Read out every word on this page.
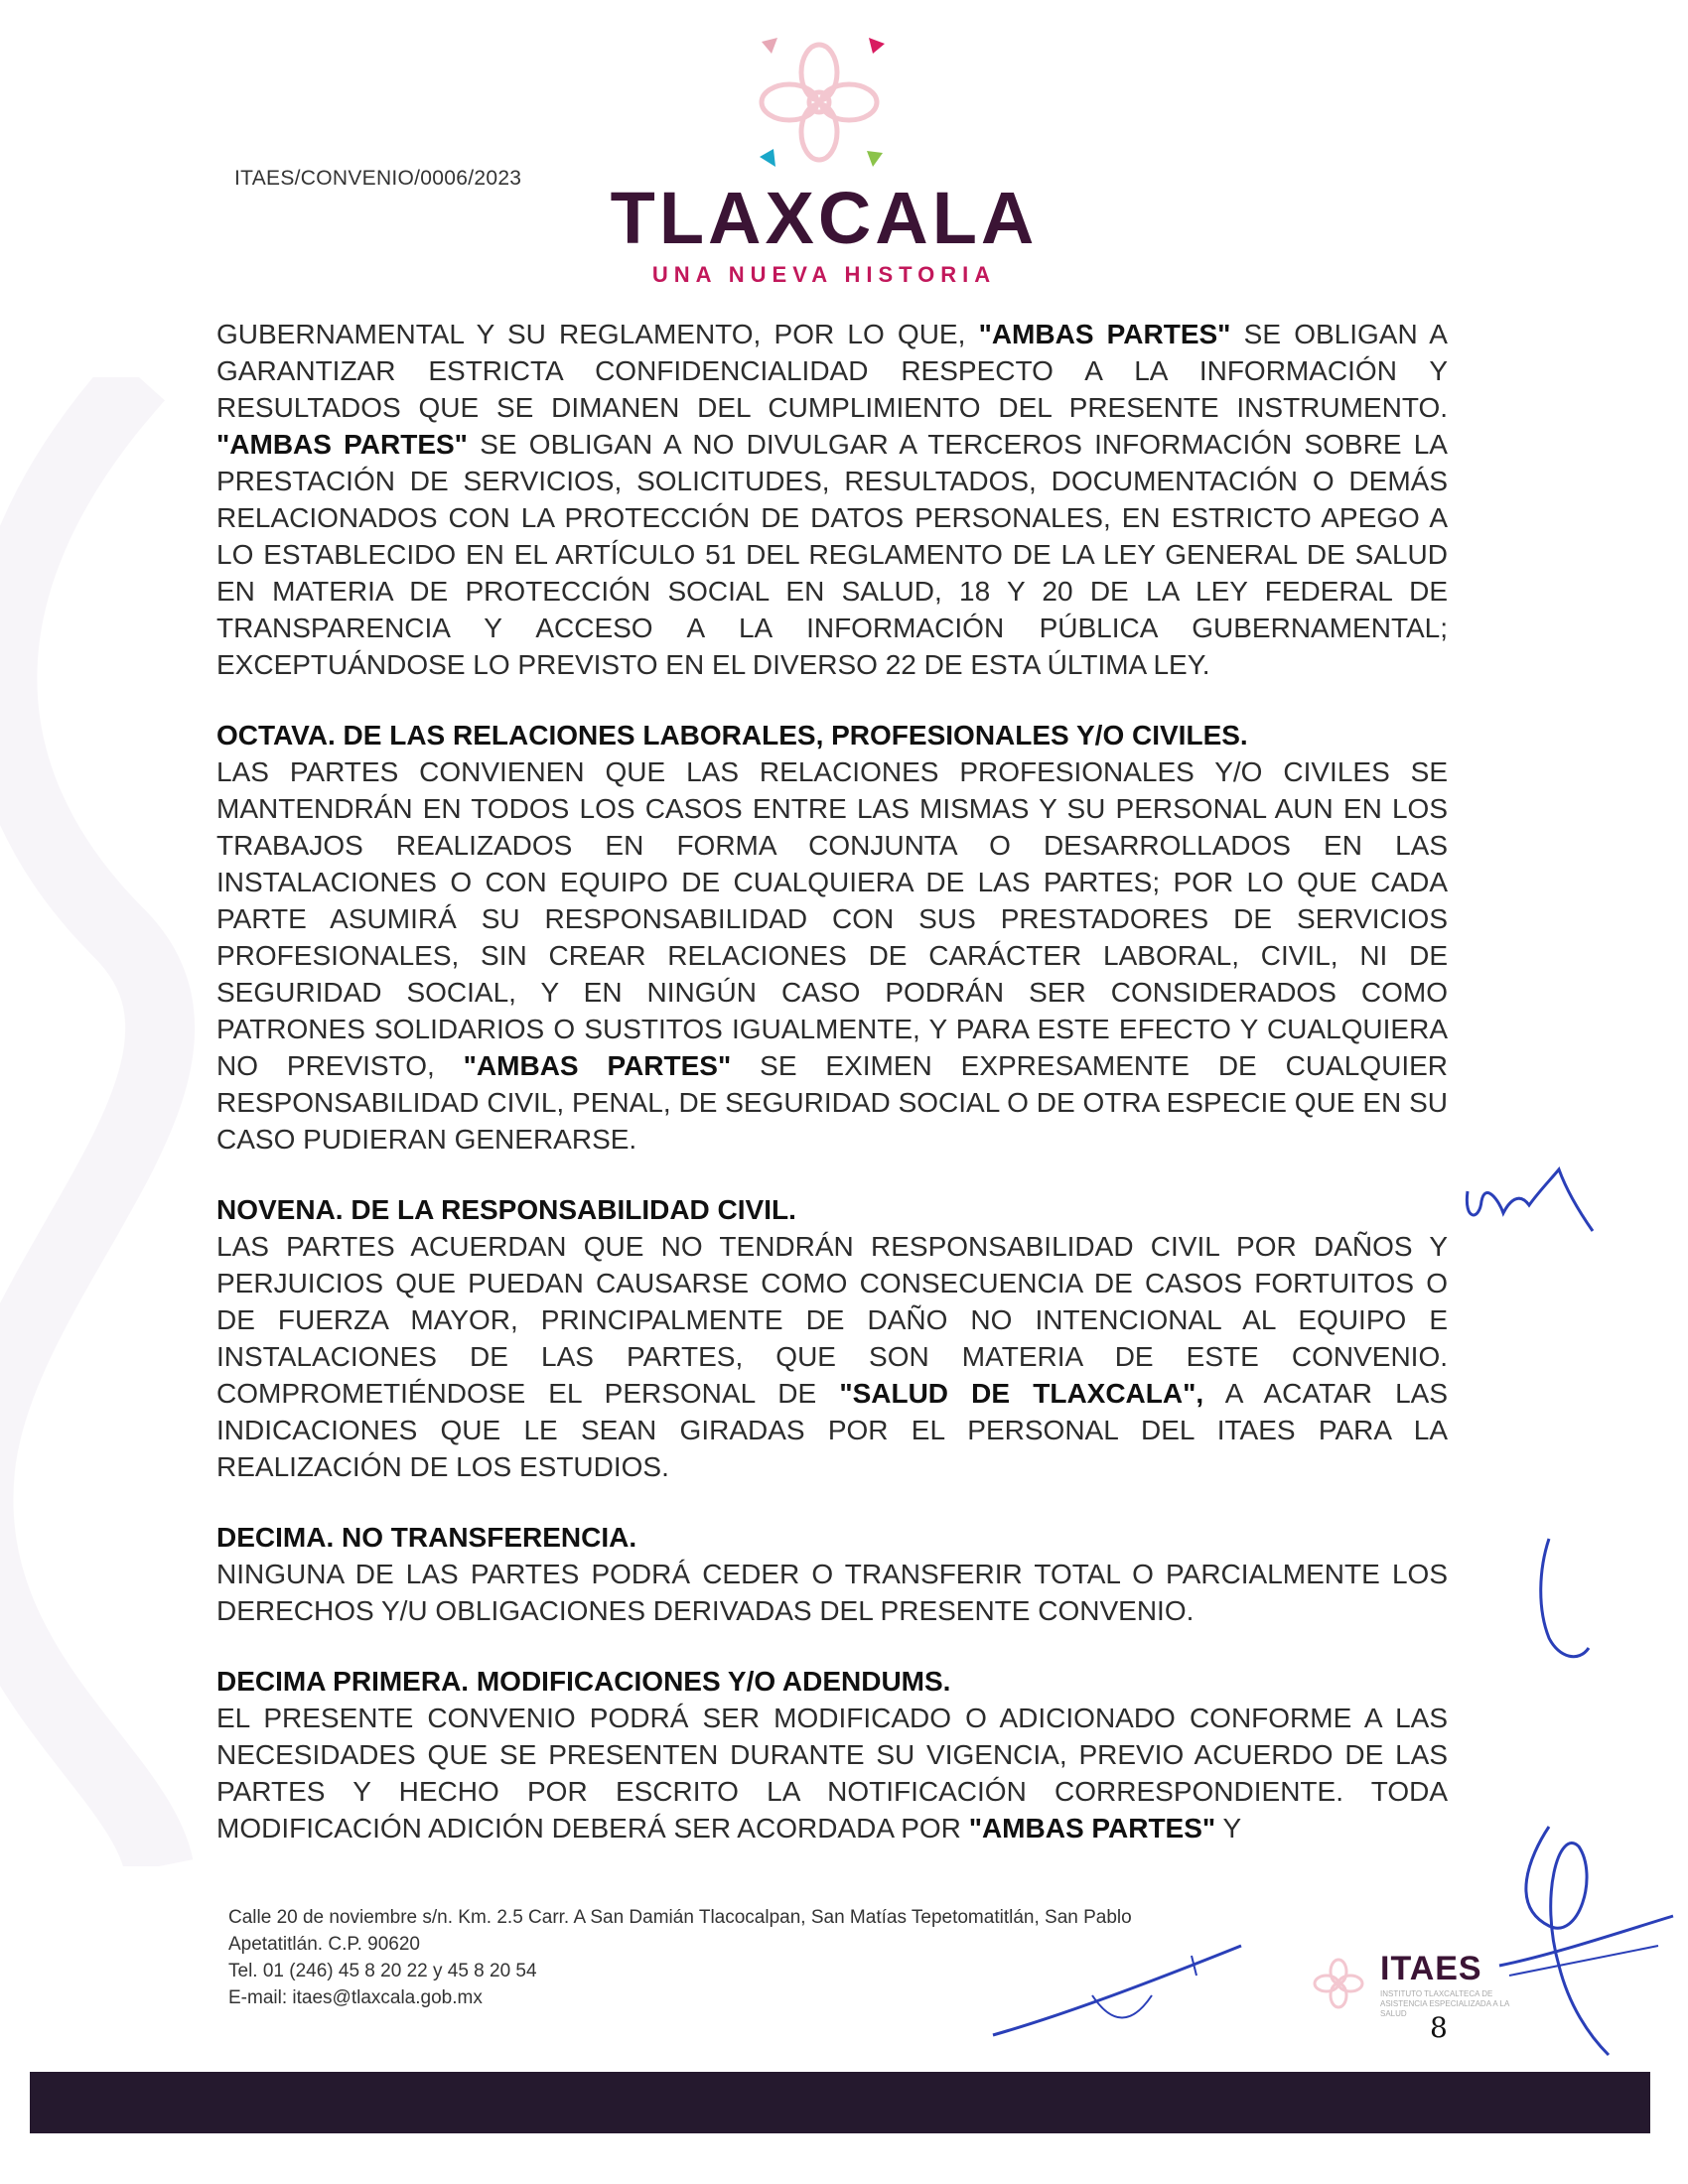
ITAES/CONVENIO/0006/2023 TLAXCALA
UNA NUEVA HISTORIA

GUBERNAMENTAL Y SU REGLAMENTO, POR LO QUE, "AMBAS PARTES" SE OBLIGAN A GARANTIZAR ESTRICTA CONFIDENCIALIDAD RESPECTO A LA INFORMACIÓN Y RESULTADOS QUE SE DIMANEN DEL CUMPLIMIENTO DEL PRESENTE INSTRUMENTO. "AMBAS PARTES" SE OBLIGAN A NO DIVULGAR A TERCEROS INFORMACIÓN SOBRE LA PRESTACIÓN DE SERVICIOS, SOLICITUDES, RESULTADOS, DOCUMENTACIÓN O DEMÁS RELACIONADOS CON LA PROTECCIÓN DE DATOS PERSONALES, EN ESTRICTO APEGO A LO ESTABLECIDO EN EL ARTÍCULO 51 DEL REGLAMENTO DE LA LEY GENERAL DE SALUD EN MATERIA DE PROTECCIÓN SOCIAL EN SALUD, 18 Y 20 DE LA LEY FEDERAL DE TRANSPARENCIA Y ACCESO A LA INFORMACIÓN PÚBLICA GUBERNAMENTAL; EXCEPTUÁNDOSE LO PREVISTO EN EL DIVERSO 22 DE ESTA ÚLTIMA LEY.

OCTAVA. DE LAS RELACIONES LABORALES, PROFESIONALES Y/O CIVILES.

LAS PARTES CONVIENEN QUE LAS RELACIONES PROFESIONALES Y/O CIVILES SE MANTENDRÁN EN TODOS LOS CASOS ENTRE LAS MISMAS Y SU PERSONAL AUN EN LOS TRABAJOS REALIZADOS EN FORMA CONJUNTA O DESARROLLADOS EN LAS INSTALACIONES O CON EQUIPO DE CUALQUIERA DE LAS PARTES; POR LO QUE CADA PARTE ASUMIRÁ SU RESPONSABILIDAD CON SUS PRESTADORES DE SERVICIOS PROFESIONALES, SIN CREAR RELACIONES DE CARÁCTER LABORAL, CIVIL, NI DE SEGURIDAD SOCIAL, Y EN NINGÚN CASO PODRÁN SER CONSIDERADOS COMO PATRONES SOLIDARIOS O SUSTITOS IGUALMENTE, Y PARA ESTE EFECTO Y CUALQUIERA NO PREVISTO, "AMBAS PARTES" SE EXIMEN EXPRESAMENTE DE CUALQUIER RESPONSABILIDAD CIVIL, PENAL, DE SEGURIDAD SOCIAL O DE OTRA ESPECIE QUE EN SU CASO PUDIERAN GENERARSE.

NOVENA. DE LA RESPONSABILIDAD CIVIL.

LAS PARTES ACUERDAN QUE NO TENDRÁN RESPONSABILIDAD CIVIL POR DAÑOS Y PERJUICIOS QUE PUEDAN CAUSARSE COMO CONSECUENCIA DE CASOS FORTUITOS O DE FUERZA MAYOR, PRINCIPALMENTE DE DAÑO NO INTENCIONAL AL EQUIPO E INSTALACIONES DE LAS PARTES, QUE SON MATERIA DE ESTE CONVENIO. COMPROMETIÉNDOSE EL PERSONAL DE "SALUD DE TLAXCALA", A ACATAR LAS INDICACIONES QUE LE SEAN GIRADAS POR EL PERSONAL DEL ITAES PARA LA REALIZACIÓN DE LOS ESTUDIOS.

DECIMA. NO TRANSFERENCIA.

NINGUNA DE LAS PARTES PODRÁ CEDER O TRANSFERIR TOTAL O PARCIALMENTE LOS DERECHOS Y/U OBLIGACIONES DERIVADAS DEL PRESENTE CONVENIO.

DECIMA PRIMERA. MODIFICACIONES Y/O ADENDUMS.

EL PRESENTE CONVENIO PODRÁ SER MODIFICADO O ADICIONADO CONFORME A LAS NECESIDADES QUE SE PRESENTEN DURANTE SU VIGENCIA, PREVIO ACUERDO DE LAS PARTES Y HECHO POR ESCRITO LA NOTIFICACIÓN CORRESPONDIENTE. TODA MODIFICACIÓN ADICIÓN DEBERÁ SER ACORDADA POR "AMBAS PARTES" Y

Calle 20 de noviembre s/n. Km. 2.5 Carr. A San Damián Tlacocalpan, San Matías Tepetomatitlán, San Pablo
Apetatitlán. C.P. 90620
Tel. 01 (246) 45 8 20 22 y 45 8 20 54
E-mail: itaes@tlaxcala.gob.mx
ITAES
INSTITUTO TLAXCALTECA DE ASISTENCIA ESPECIALIZADA A LA SALUD 8
